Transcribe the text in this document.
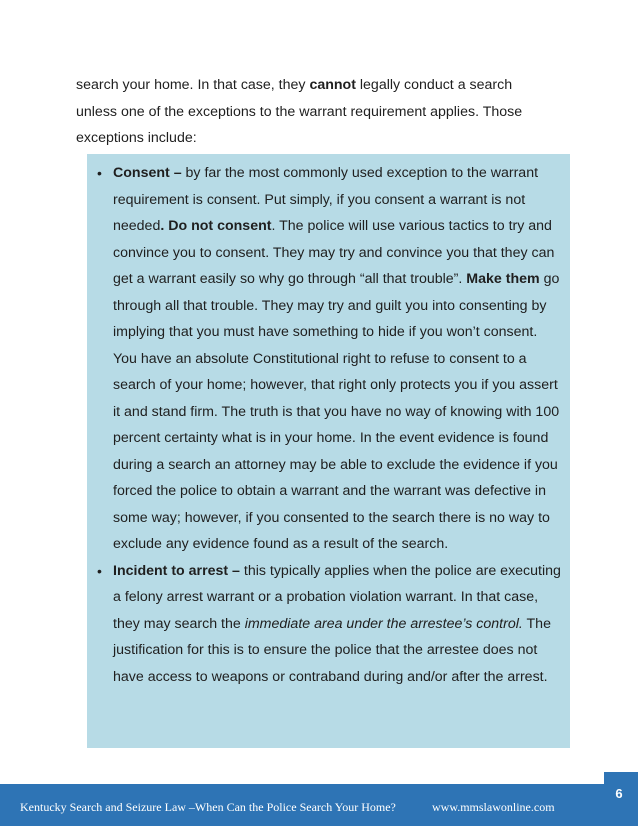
search your home. In that case, they cannot legally conduct a search

unless one of the exceptions to the warrant requirement applies. Those

exceptions include:

• Consent – by far the most commonly used exception to the warrant requirement is consent. Put simply, if you consent a warrant is not needed. Do not consent. The police will use various tactics to try and convince you to consent. They may try and convince you that they can get a warrant easily so why go through “all that trouble”. Make them go through all that trouble. They may try and guilt you into consenting by implying that you must have something to hide if you won’t consent. You have an absolute Constitutional right to refuse to consent to a search of your home; however, that right only protects you if you assert it and stand firm. The truth is that you have no way of knowing with 100 percent certainty what is in your home. In the event evidence is found during a search an attorney may be able to exclude the evidence if you forced the police to obtain a warrant and the warrant was defective in some way; however, if you consented to the search there is no way to exclude any evidence found as a result of the search.
• Incident to arrest – this typically applies when the police are executing a felony arrest warrant or a probation violation warrant. In that case, they may search the immediate area under the arrestee’s control. The justification for this is to ensure the police that the arrestee does not have access to weapons or contraband during and/or after the arrest.
6
Kentucky Search and Seizure Law –When Can the Police Search Your Home?	www.mmslawonline.com
